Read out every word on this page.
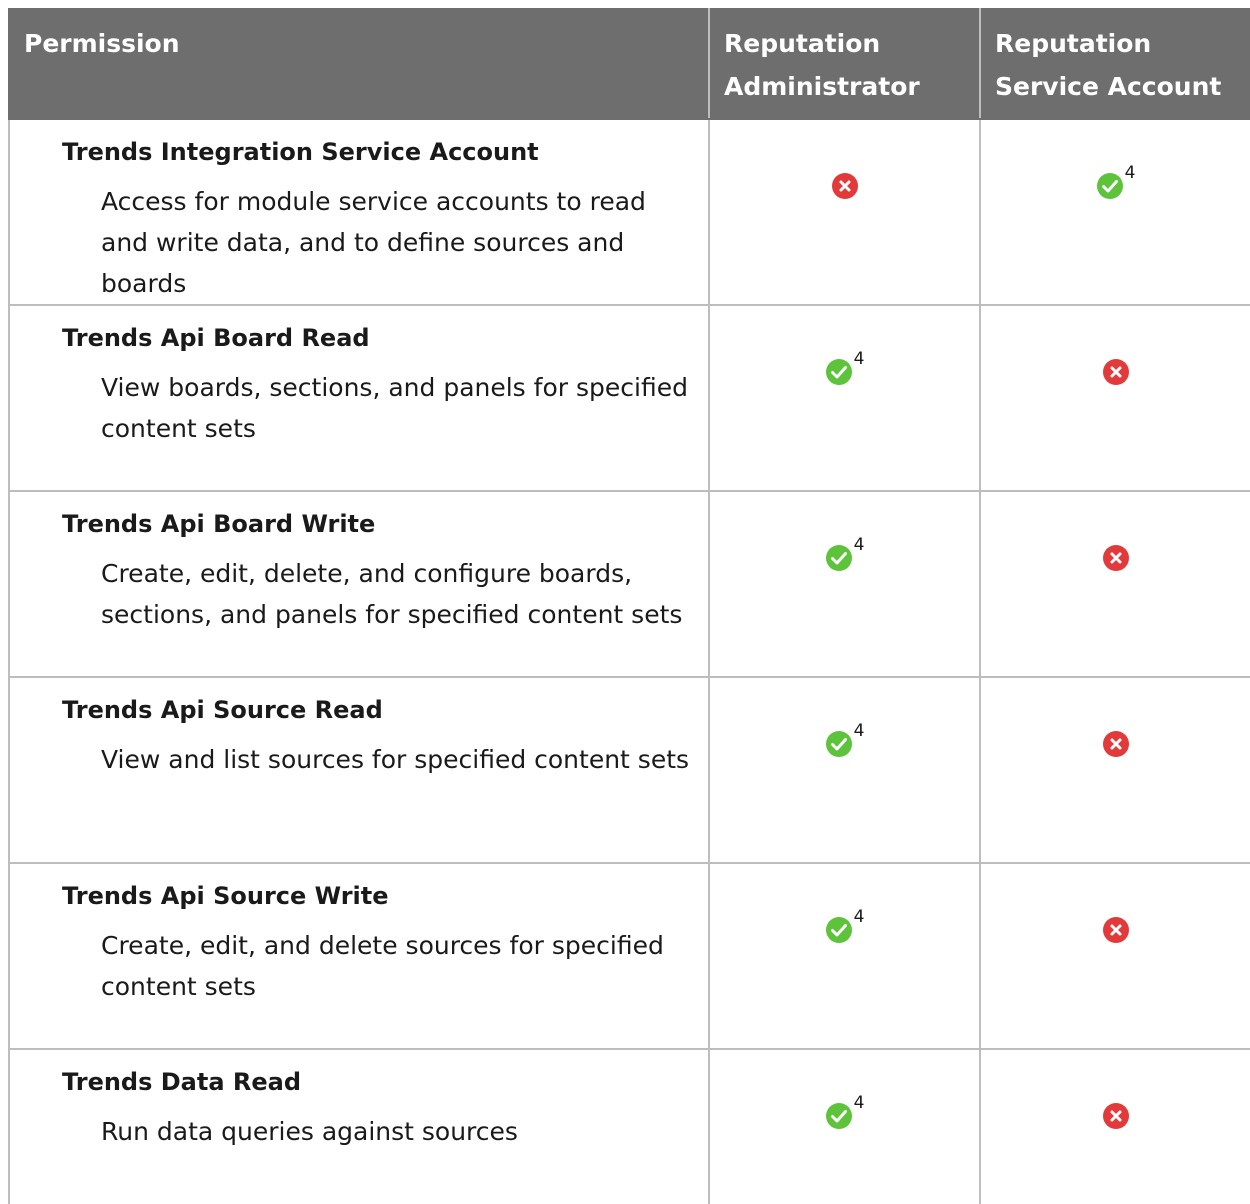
Permission	Reputation Administrator	Reputation Service Account

Trends Integration Service Account
Access for module service accounts to read and write data, and to define sources and boards		4

Trends Api Board Read
View boards, sections, and panels for specified content sets	4

Trends Api Board Write
Create, edit, delete, and configure boards, sections, and panels for specified content sets	4

Trends Api Source Read
View and list sources for specified content sets	4

Trends Api Source Write
Create, edit, and delete sources for specified content sets	4

Trends Data Read
Run data queries against sources	4
